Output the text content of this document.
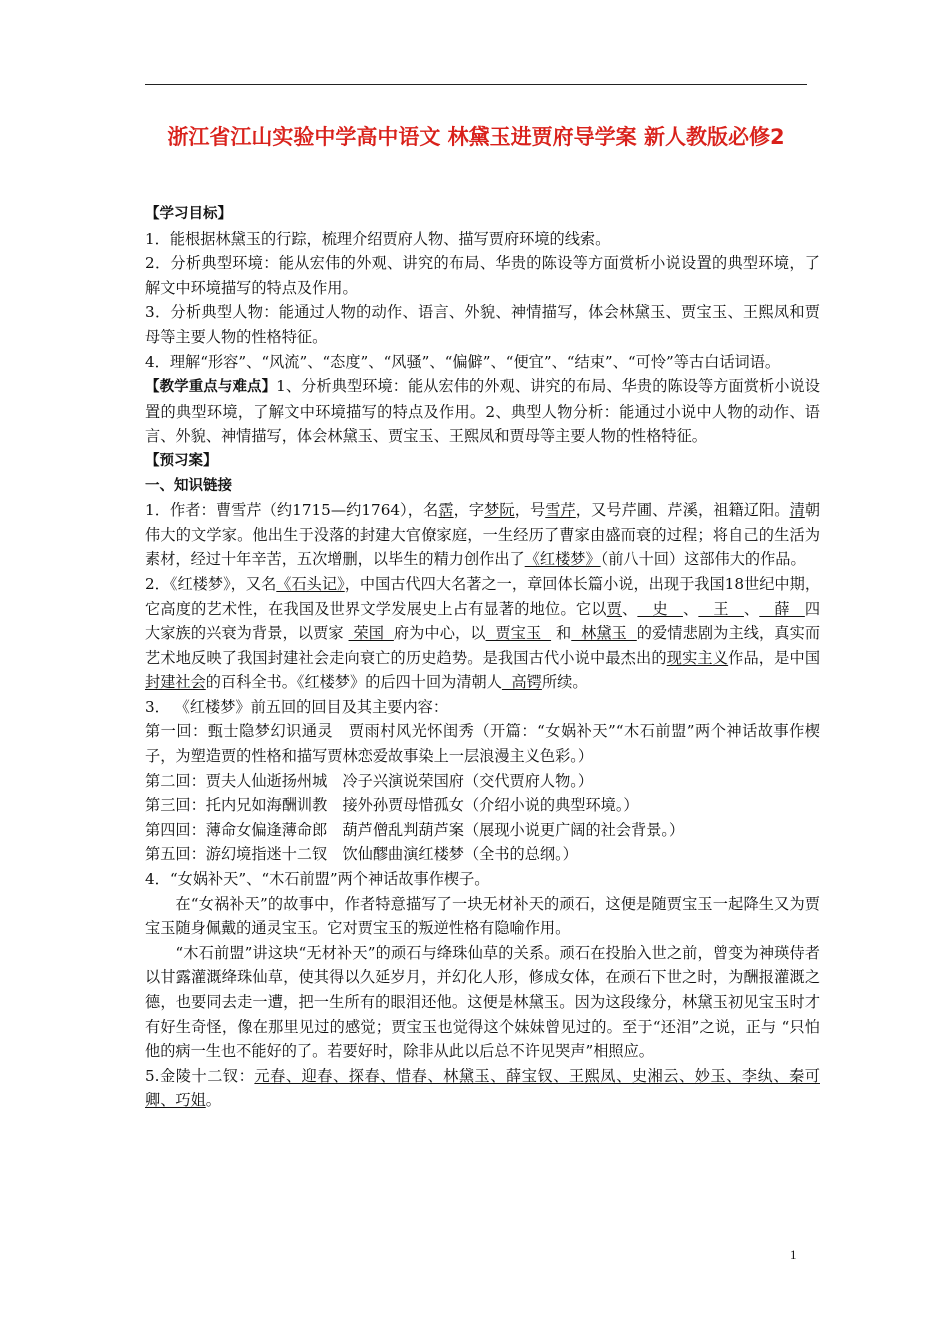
浙江省江山实验中学高中语文 林黛玉进贾府导学案 新人教版必修2

【学习目标】

1．能根据林黛玉的行踪，梳理介绍贾府人物、描写贾府环境的线索。

2．分析典型环境：能从宏伟的外观、讲究的布局、华贵的陈设等方面赏析小说设置的典型环境，了解文中环境描写的特点及作用。

3．分析典型人物：能通过人物的动作、语言、外貌、神情描写，体会林黛玉、贾宝玉、王熙凤和贾母等主要人物的性格特征。

4．理解“形容”、“风流”、“态度”、“风骚”、“偏僻”、“便宜”、“结束”、“可怜”等古白话词语。

【教学重点与难点】1、分析典型环境：能从宏伟的外观、讲究的布局、华贵的陈设等方面赏析小说设置的典型环境，了解文中环境描写的特点及作用。2、典型人物分析：能通过小说中人物的动作、语言、外貌、神情描写，体会林黛玉、贾宝玉、王熙凤和贾母等主要人物的性格特征。

【预习案】

一、知识链接

1．作者：曹雪芹（约1715—约1764），名霑，字梦阮，号雪芹，又号芹圃、芹溪，祖籍辽阳。清朝伟大的文学家。他出生于没落的封建大官僚家庭，一生经历了曹家由盛而衰的过程；将自己的生活为素材，经过十年辛苦，五次增删，以毕生的精力创作出了《红楼梦》（前八十回）这部伟大的作品。

2．《红楼梦》，又名《石头记》，中国古代四大名著之一，章回体长篇小说，出现于我国18世纪中期，它高度的艺术性，在我国及世界文学发展史上占有显著的地位。它以贾、   史   、   王   、   薛   四大家族的兴衰为背景，以贾家  荣国  府为中心，以  贾宝玉   和  林黛玉  的爱情悲剧为主线，真实而艺术地反映了我国封建社会走向衰亡的历史趋势。是我国古代小说中最杰出的现实主义作品，是中国封建社会的百科全书。《红楼梦》的后四十回为清朝人  高锷所续。

3． 《红楼梦》前五回的回目及其主要内容：

第一回：甄士隐梦幻识通灵　贾雨村风光怀闺秀（开篇：“女娲补天”“木石前盟”两个神话故事作楔子，为塑造贾的性格和描写贾林恋爱故事染上一层浪漫主义色彩。）

第二回：贾夫人仙逝扬州城　冷子兴演说荣国府（交代贾府人物。）

第三回：托内兄如海酬训教　接外孙贾母惜孤女（介绍小说的典型环境。）

第四回：薄命女偏逢薄命郎　葫芦僧乱判葫芦案（展现小说更广阔的社会背景。）

第五回：游幻境指迷十二钗　饮仙醪曲演红楼梦（全书的总纲。）

4．“女娲补天”、“木石前盟”两个神话故事作楔子。

在“女祸补天”的故事中，作者特意描写了一块无材补天的顽石，这便是随贾宝玉一起降生又为贾宝玉随身佩戴的通灵宝玉。它对贾宝玉的叛逆性格有隐喻作用。

“木石前盟”讲这块“无材补天”的顽石与绛珠仙草的关系。顽石在投胎入世之前，曾变为神瑛侍者以甘露灌溉绛珠仙草，使其得以久延岁月，并幻化人形，修成女体，在顽石下世之时，为酬报灌溉之德，也要同去走一遭，把一生所有的眼泪还他。这便是林黛玉。因为这段缘分，林黛玉初见宝玉时才有好生奇怪，像在那里见过的感觉；贾宝玉也觉得这个妹妹曾见过的。至于“还泪”之说，正与 “只怕他的病一生也不能好的了。若要好时，除非从此以后总不许见哭声”相照应。

5.金陵十二钗：元春、迎春、探春、惜春、林黛玉、薛宝钗、王熙凤、史湘云、妙玉、李纨、秦可卿、巧姐。

1
